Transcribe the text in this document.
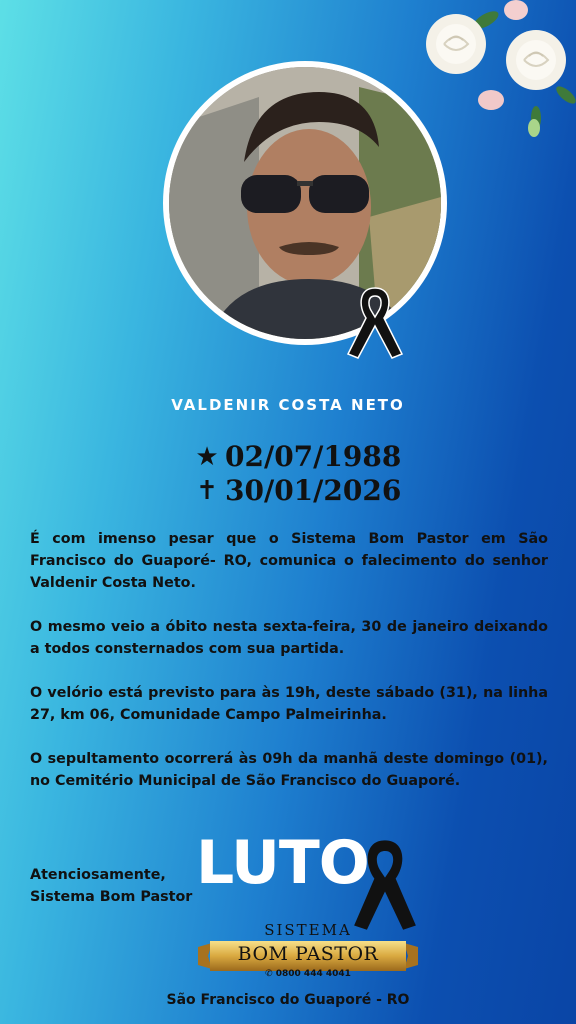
VALDENIR COSTA NETO
★ 02/07/1988
✝ 30/01/2026

É com imenso pesar que o Sistema Bom Pastor em São Francisco do Guaporé- RO, comunica o falecimento do senhor Valdenir Costa Neto.

O mesmo veio a óbito nesta sexta-feira, 30 de janeiro deixando a todos consternados com sua partida.

O velório está previsto para às 19h, deste sábado (31), na linha 27, km 06, Comunidade Campo Palmeirinha.

O sepultamento ocorrerá às 09h da manhã deste domingo (01), no Cemitério Municipal de São Francisco do Guaporé.

Atenciosamente,
Sistema Bom Pastor LUTO
SISTEMA
BOM PASTOR
✆ 0800 444 4041
São Francisco do Guaporé - RO
